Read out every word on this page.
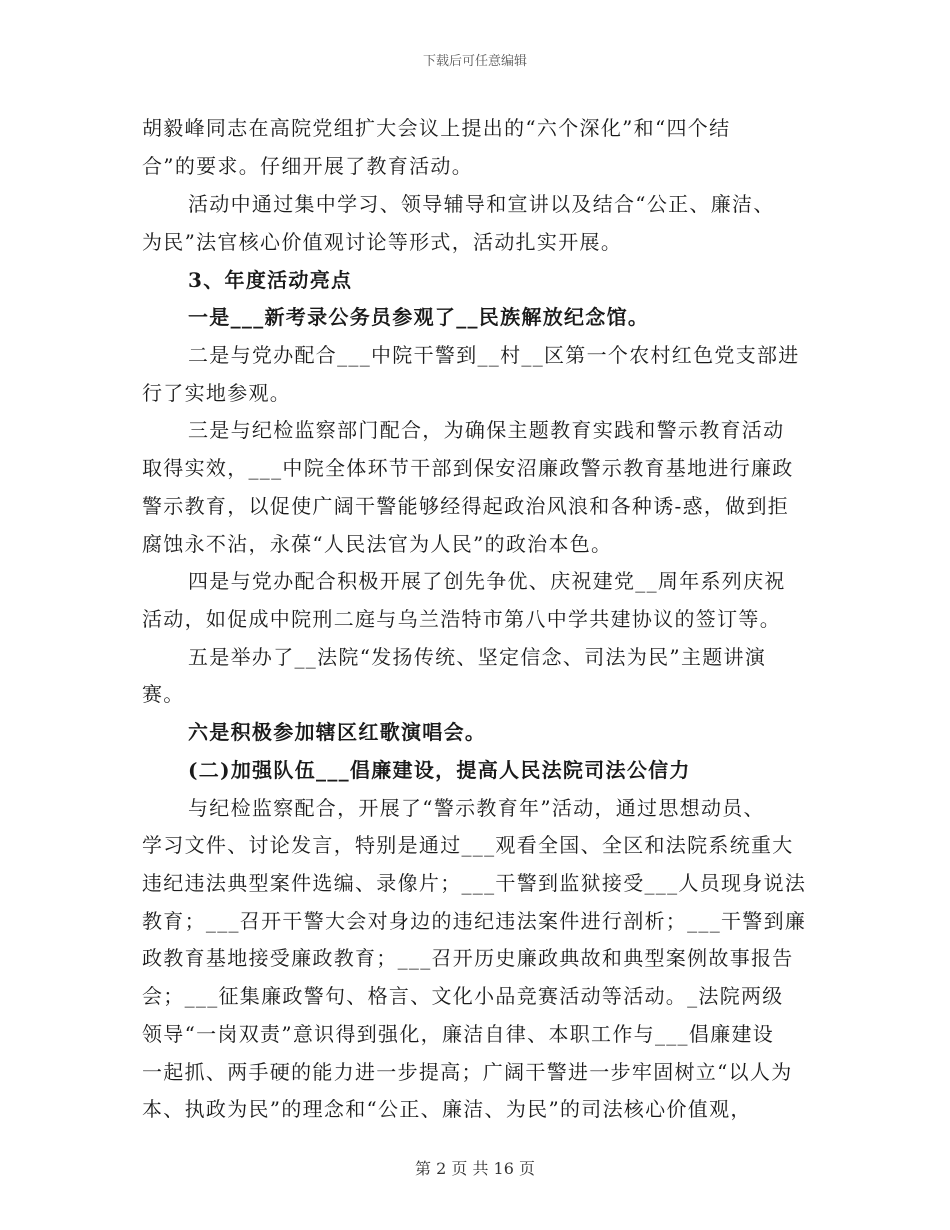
下载后可任意编辑
胡毅峰同志在高院党组扩大会议上提出的“六个深化”和“四个结
合”的要求。仔细开展了教育活动。
活动中通过集中学习、领导辅导和宣讲以及结合“公正、廉洁、
为民”法官核心价值观讨论等形式，活动扎实开展。
3、年度活动亮点
一是___新考录公务员参观了__民族解放纪念馆。
二是与党办配合___中院干警到__村__区第一个农村红色党支部进
行了实地参观。
三是与纪检监察部门配合，为确保主题教育实践和警示教育活动
取得实效，___中院全体环节干部到保安沼廉政警示教育基地进行廉政
警示教育，以促使广阔干警能够经得起政治风浪和各种诱-惑，做到拒
腐蚀永不沾，永葆“人民法官为人民”的政治本色。
四是与党办配合积极开展了创先争优、庆祝建党__周年系列庆祝
活动，如促成中院刑二庭与乌兰浩特市第八中学共建协议的签订等。
五是举办了__法院“发扬传统、坚定信念、司法为民”主题讲演
赛。
六是积极参加辖区红歌演唱会。
(二)加强队伍___倡廉建设，提高人民法院司法公信力
与纪检监察配合，开展了“警示教育年”活动，通过思想动员、
学习文件、讨论发言，特别是通过___观看全国、全区和法院系统重大
违纪违法典型案件选编、录像片；___干警到监狱接受___人员现身说法
教育；___召开干警大会对身边的违纪违法案件进行剖析；___干警到廉
政教育基地接受廉政教育；___召开历史廉政典故和典型案例故事报告
会；___征集廉政警句、格言、文化小品竞赛活动等活动。_法院两级
领导“一岗双责”意识得到强化，廉洁自律、本职工作与___倡廉建设
一起抓、两手硬的能力进一步提高；广阔干警进一步牢固树立“以人为
本、执政为民”的理念和“公正、廉洁、为民”的司法核心价值观，
第 2 页 共 16 页
